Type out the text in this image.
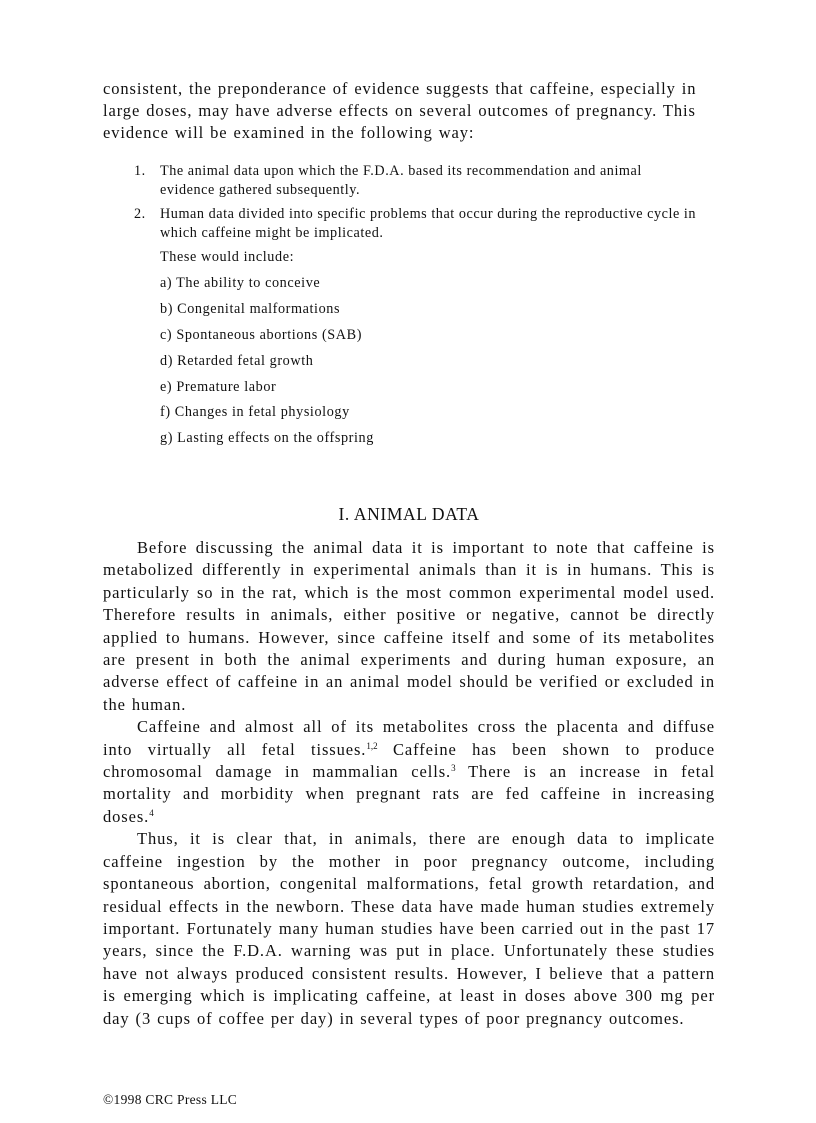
consistent, the preponderance of evidence suggests that caffeine, especially in large doses, may have adverse effects on several outcomes of pregnancy. This evidence will be examined in the following way:

1. The animal data upon which the F.D.A. based its recommendation and animal evidence gathered subsequently.
2. Human data divided into specific problems that occur during the reproductive cycle in which caffeine might be implicated.
These would include:
a) The ability to conceive
b) Congenital malformations
c) Spontaneous abortions (SAB)
d) Retarded fetal growth
e) Premature labor
f) Changes in fetal physiology
g) Lasting effects on the offspring
I. ANIMAL DATA

Before discussing the animal data it is important to note that caffeine is metabolized differently in experimental animals than it is in humans. This is particularly so in the rat, which is the most common experimental model used. Therefore results in animals, either positive or negative, cannot be directly applied to humans. However, since caffeine itself and some of its metabolites are present in both the animal experiments and during human exposure, an adverse effect of caffeine in an animal model should be verified or excluded in the human.

Caffeine and almost all of its metabolites cross the placenta and diffuse into virtually all fetal tissues.$^{1,2}$ Caffeine has been shown to produce chromosomal damage in mammalian cells.$^3$ There is an increase in fetal mortality and morbidity when pregnant rats are fed caffeine in increasing doses.$^4$

Thus, it is clear that, in animals, there are enough data to implicate caffeine ingestion by the mother in poor pregnancy outcome, including spontaneous abortion, congenital malformations, fetal growth retardation, and residual effects in the newborn. These data have made human studies extremely important. Fortunately many human studies have been carried out in the past 17 years, since the F.D.A. warning was put in place. Unfortunately these studies have not always produced consistent results. However, I believe that a pattern is emerging which is implicating caffeine, at least in doses above 300 mg per day (3 cups of coffee per day) in several types of poor pregnancy outcomes.

©1998 CRC Press LLC
